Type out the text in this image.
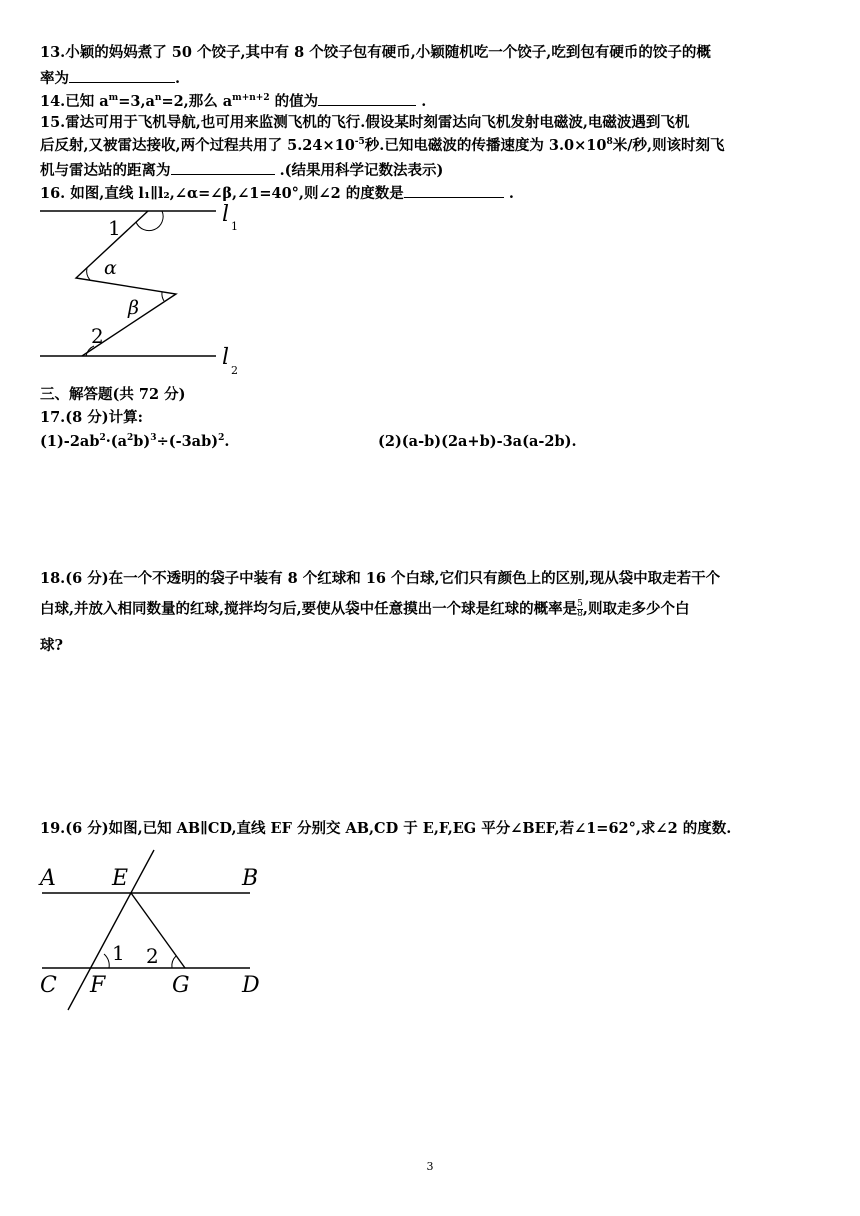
13.小颖的妈妈煮了 50 个饺子,其中有 8 个饺子包有硬币,小颖随机吃一个饺子,吃到包有硬币的饺子的概
率为	.
14.已知 $a^m=3,a^n=2$,那么 $a^{m+n+2}$ 的值为	.
15.雷达可用于飞机导航,也可用来监测飞机的飞行.假设某时刻雷达向飞机发射电磁波,电磁波遇到飞机
后反射,又被雷达接收,两个过程共用了 $5.24\times 10^{-5}$秒.已知电磁波的传播速度为 $3.0\times 10^8$米/秒,则该时刻飞
机与雷达站的距离为	.(结果用科学记数法表示)
16. 如图,直线 l₁∥l₂,∠α=∠β,∠1=40°,则∠2 的度数是	.
1
α
β
2
l 1
l
2
三、解答题(共 72 分)
17.(8 分)计算:
$(1)-2ab^2\cdot(a^2b)^3\div(-3ab)^2$.	(2)(a-b)(2a+b)-3a(a-2b).
18.(6 分)在一个不透明的袋子中装有 8 个红球和 16 个白球,它们只有颜色上的区别,现从袋中取走若干个
白球,并放入相同数量的红球,搅拌均匀后,要使从袋中任意摸出一个球是红球的概率是 $\frac{5}{8}$ ,则取走多少个白
球?
19.(6 分)如图,已知 AB∥CD,直线 EF 分别交 AB,CD 于 E,F,EG 平分∠BEF,若∠1=62°,求∠2 的度数.
A	E	B
C F	G D
1 2
3
